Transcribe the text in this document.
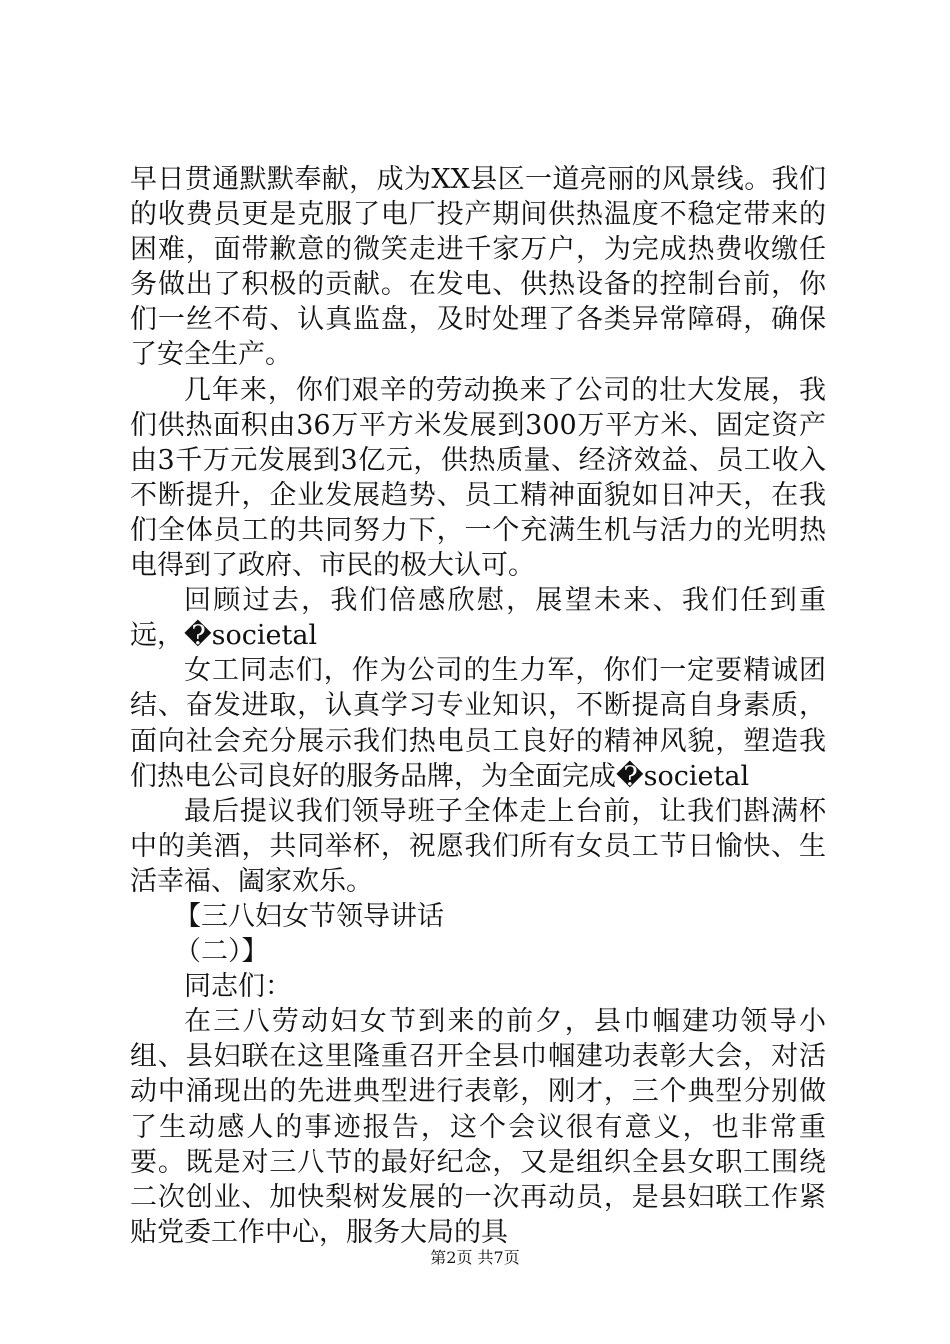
早日贯通默默奉献，成为XX县区一道亮丽的风景线。我们的收费员更是克服了电厂投产期间供热温度不稳定带来的困难，面带歉意的微笑走进千家万户，为完成热费收缴任务做出了积极的贡献。在发电、供热设备的控制台前，你们一丝不苟、认真监盘，及时处理了各类异常障碍，确保了安全生产。

几年来，你们艰辛的劳动换来了公司的壮大发展，我们供热面积由36万平方米发展到300万平方米、固定资产由3千万元发展到3亿元，供热质量、经济效益、员工收入不断提升，企业发展趋势、员工精神面貌如日冲天，在我们全体员工的共同努力下，一个充满生机与活力的光明热电得到了政府、市民的极大认可。

回顾过去，我们倍感欣慰，展望未来、我们任到重远，�societal

女工同志们，作为公司的生力军，你们一定要精诚团结、奋发进取，认真学习专业知识，不断提高自身素质，面向社会充分展示我们热电员工良好的精神风貌，塑造我们热电公司良好的服务品牌，为全面完成�societal

最后提议我们领导班子全体走上台前，让我们斟满杯中的美酒，共同举杯，祝愿我们所有女员工节日愉快、生活幸福、阖家欢乐。

【三八妇女节领导讲话

（二）】

同志们：

在三八劳动妇女节到来的前夕，县巾帼建功领导小组、县妇联在这里隆重召开全县巾帼建功表彰大会，对活动中涌现出的先进典型进行表彰，刚才，三个典型分别做了生动感人的事迹报告，这个会议很有意义，也非常重要。既是对三八节的最好纪念，又是组织全县女职工围绕二次创业、加快梨树发展的一次再动员，是县妇联工作紧贴党委工作中心，服务大局的具

第2页 共7页
